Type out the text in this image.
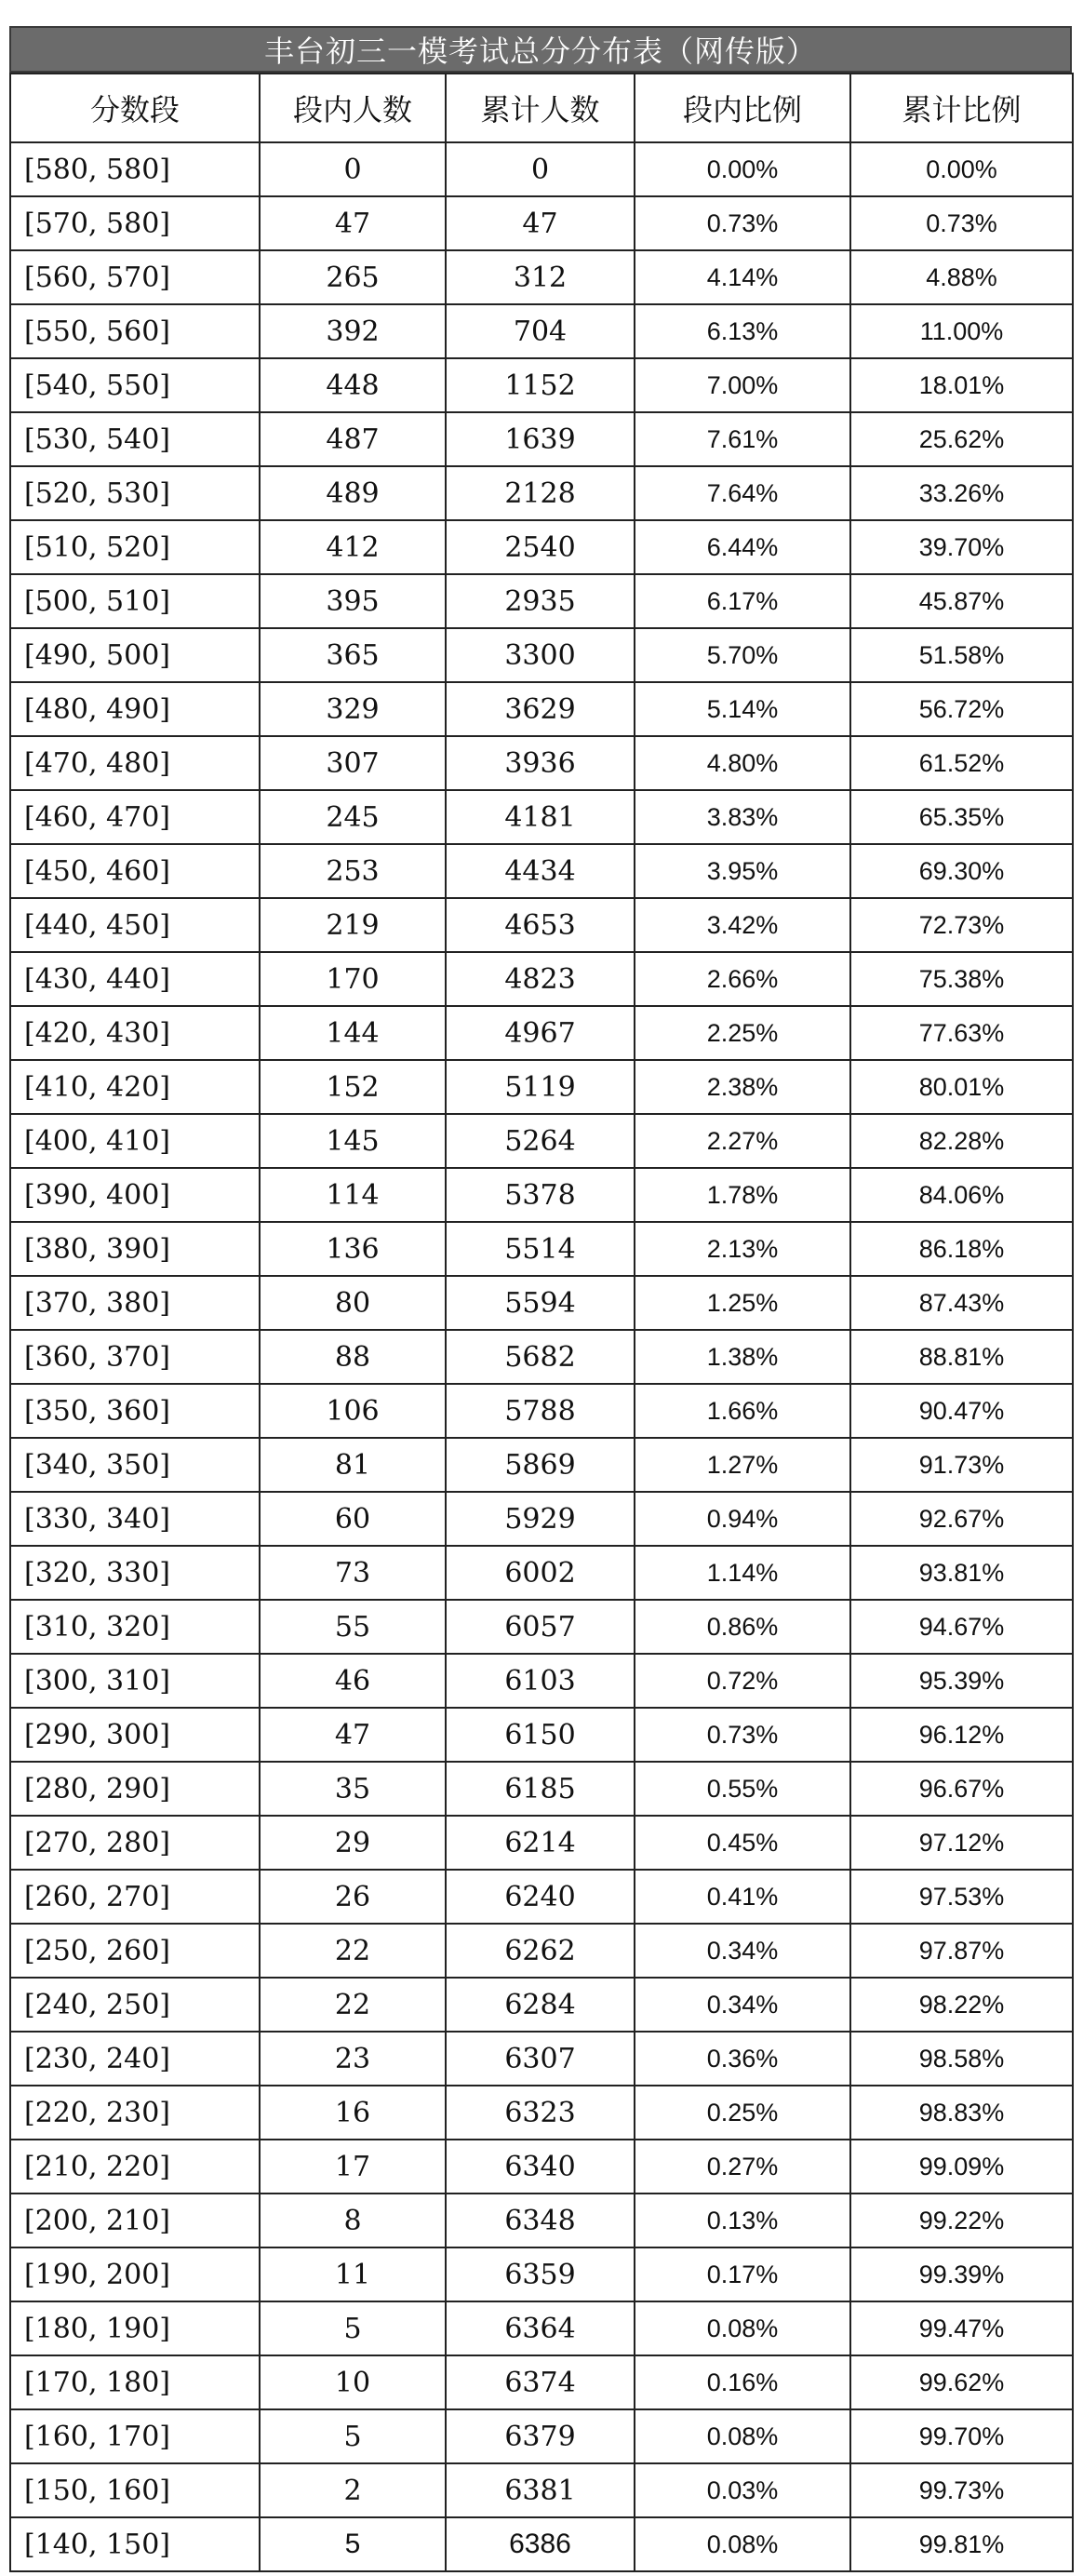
丰台初三一模考试总分分布表（网传版）
分数段	段内人数	累计人数	段内比例	累计比例
[580, 580]	0	0	0.00%	0.00%
[570, 580]	47	47	0.73%	0.73%
[560, 570]	265	312	4.14%	4.88%
[550, 560]	392	704	6.13%	11.00%
[540, 550]	448	1152	7.00%	18.01%
[530, 540]	487	1639	7.61%	25.62%
[520, 530]	489	2128	7.64%	33.26%
[510, 520]	412	2540	6.44%	39.70%
[500, 510]	395	2935	6.17%	45.87%
[490, 500]	365	3300	5.70%	51.58%
[480, 490]	329	3629	5.14%	56.72%
[470, 480]	307	3936	4.80%	61.52%
[460, 470]	245	4181	3.83%	65.35%
[450, 460]	253	4434	3.95%	69.30%
[440, 450]	219	4653	3.42%	72.73%
[430, 440]	170	4823	2.66%	75.38%
[420, 430]	144	4967	2.25%	77.63%
[410, 420]	152	5119	2.38%	80.01%
[400, 410]	145	5264	2.27%	82.28%
[390, 400]	114	5378	1.78%	84.06%
[380, 390]	136	5514	2.13%	86.18%
[370, 380]	80	5594	1.25%	87.43%
[360, 370]	88	5682	1.38%	88.81%
[350, 360]	106	5788	1.66%	90.47%
[340, 350]	81	5869	1.27%	91.73%
[330, 340]	60	5929	0.94%	92.67%
[320, 330]	73	6002	1.14%	93.81%
[310, 320]	55	6057	0.86%	94.67%
[300, 310]	46	6103	0.72%	95.39%
[290, 300]	47	6150	0.73%	96.12%
[280, 290]	35	6185	0.55%	96.67%
[270, 280]	29	6214	0.45%	97.12%
[260, 270]	26	6240	0.41%	97.53%
[250, 260]	22	6262	0.34%	97.87%
[240, 250]	22	6284	0.34%	98.22%
[230, 240]	23	6307	0.36%	98.58%
[220, 230]	16	6323	0.25%	98.83%
[210, 220]	17	6340	0.27%	99.09%
[200, 210]	8	6348	0.13%	99.22%
[190, 200]	11	6359	0.17%	99.39%
[180, 190]	5	6364	0.08%	99.47%
[170, 180]	10	6374	0.16%	99.62%
[160, 170]	5	6379	0.08%	99.70%
[150, 160]	2	6381	0.03%	99.73%
[140, 150]	5	6386	0.08%	99.81%
